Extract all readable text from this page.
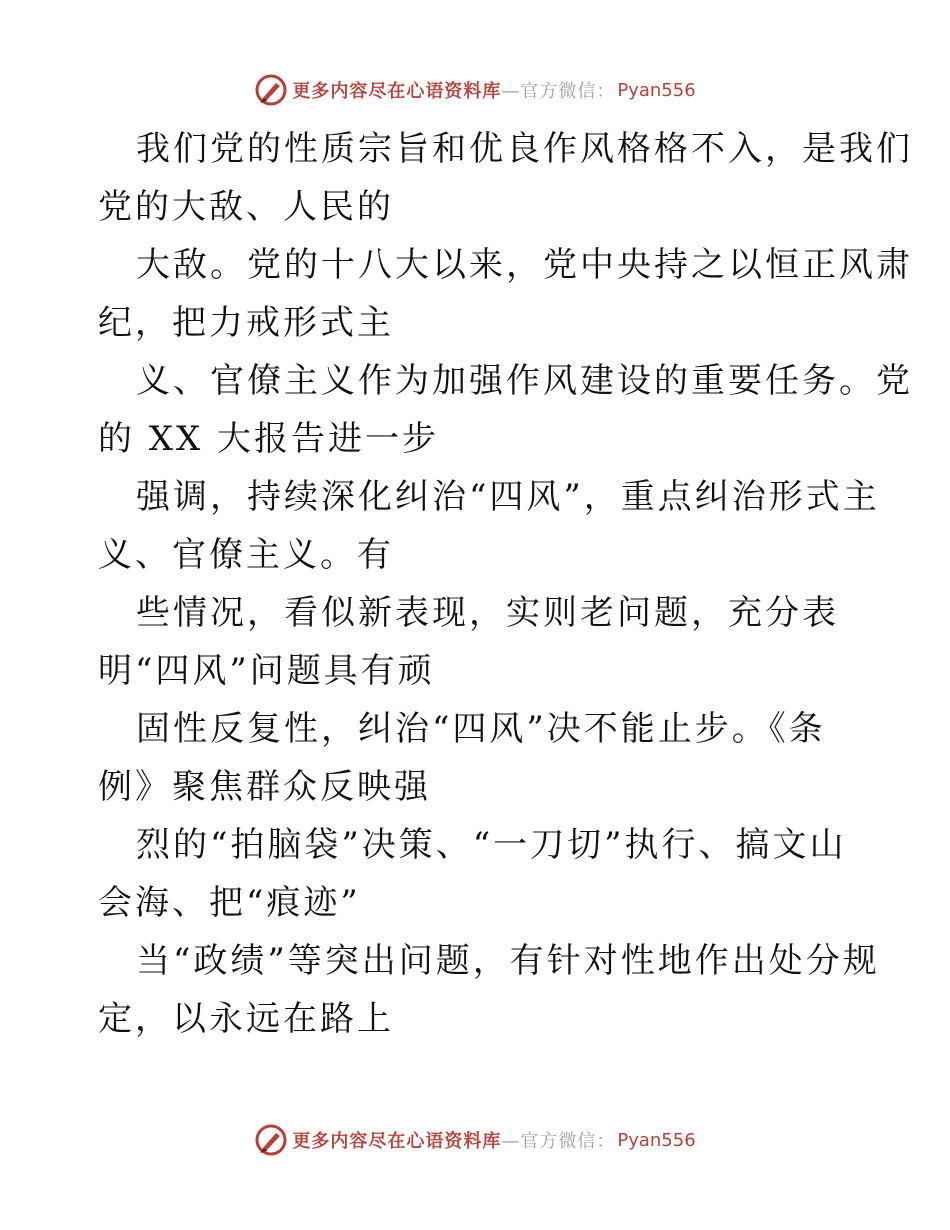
更多内容尽在心语资料库 —官方微信： Pyan556
我们党的性质宗旨和优良作风格格不入，是我们
党的大敌、人民的
大敌。党的十八大以来，党中央持之以恒正风肃
纪，把力戒形式主
义、官僚主义作为加强作风建设的重要任务。党
的 XX 大报告进一步
强调，持续深化纠治“四风”，重点纠治形式主
义、官僚主义。有
些情况，看似新表现，实则老问题，充分表
明“四风”问题具有顽
固性反复性，纠治“四风”决不能止步。《条
例》聚焦群众反映强
烈的“拍脑袋”决策、“一刀切”执行、搞文山
会海、把“痕迹”
当“政绩”等突出问题，有针对性地作出处分规
定，以永远在路上
更多内容尽在心语资料库 —官方微信： Pyan556
